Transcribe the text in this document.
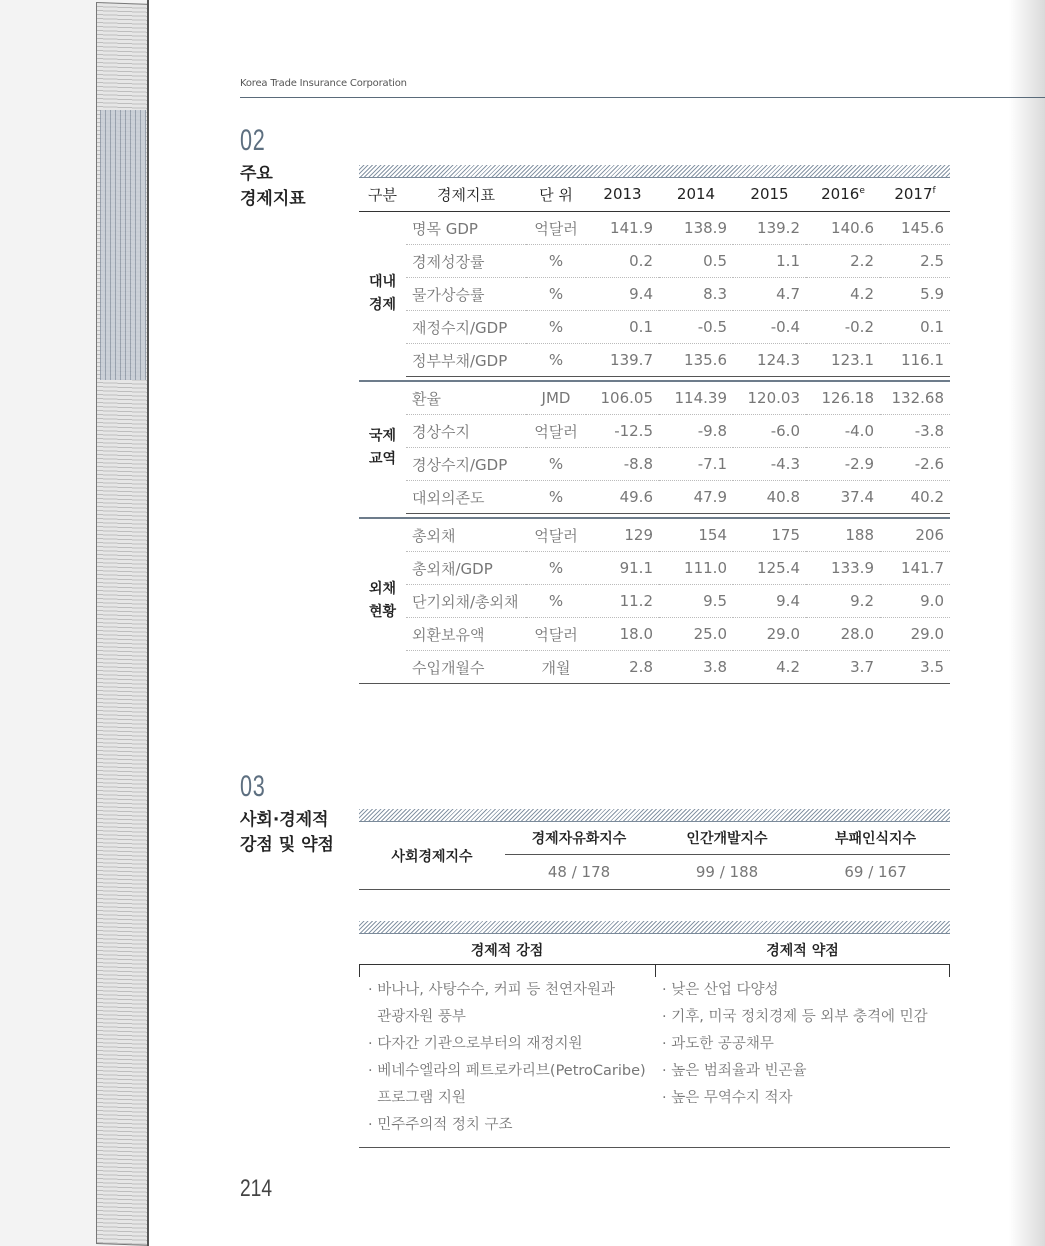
Korea Trade Insurance Corporation
02
주요
경제지표	구분	경제지표	단 위	2013	2014	2015	2016e	2017$^f$

대내
경제	명목 GDP	억달러	141.9	138.9	139.2	140.6	145.6
	경제성장률	%	0.2	0.5	1.1	2.2	2.5
	물가상승률	%	9.4	8.3	4.7	4.2	5.9
	재정수지/GDP	%	0.1	-0.5	-0.4	-0.2	0.1
	정부부채/GDP	%	139.7	135.6	124.3	123.1	116.1

국제
교역	환율	JMD	106.05	114.39	120.03	126.18	132.68
	경상수지	억달러	-12.5	-9.8	-6.0	-4.0	-3.8
	경상수지/GDP	%	-8.8	-7.1	-4.3	-2.9	-2.6
	대외의존도	%	49.6	47.9	40.8	37.4	40.2

외채
현황	총외채	억달러	129	154	175	188	206
	총외채/GDP	%	91.1	111.0	125.4	133.9	141.7
	단기외채/총외채	%	11.2	9.5	9.4	9.2	9.0
	외환보유액	억달러	18.0	25.0	29.0	28.0	29.0
	수입개월수	개월	2.8	3.8	4.2	3.7	3.5
03
사회·경제적
강점 및 약점
사회경제지수	경제자유화지수	인간개발지수	부패인식지수
	48 / 178	99 / 188	69 / 167
경제적 강점	경제적 약점
· 바나나, 사탕수수, 커피 등 천연자원과
관광자원 풍부
· 다자간 기관으로부터의 재정지원
· 베네수엘라의 페트로카리브(PetroCaribe)
프로그램 지원
· 민주주의적 정치 구조
· 낮은 산업 다양성
· 기후, 미국 정치경제 등 외부 충격에 민감
· 과도한 공공채무
· 높은 범죄율과 빈곤율
· 높은 무역수지 적자
214
